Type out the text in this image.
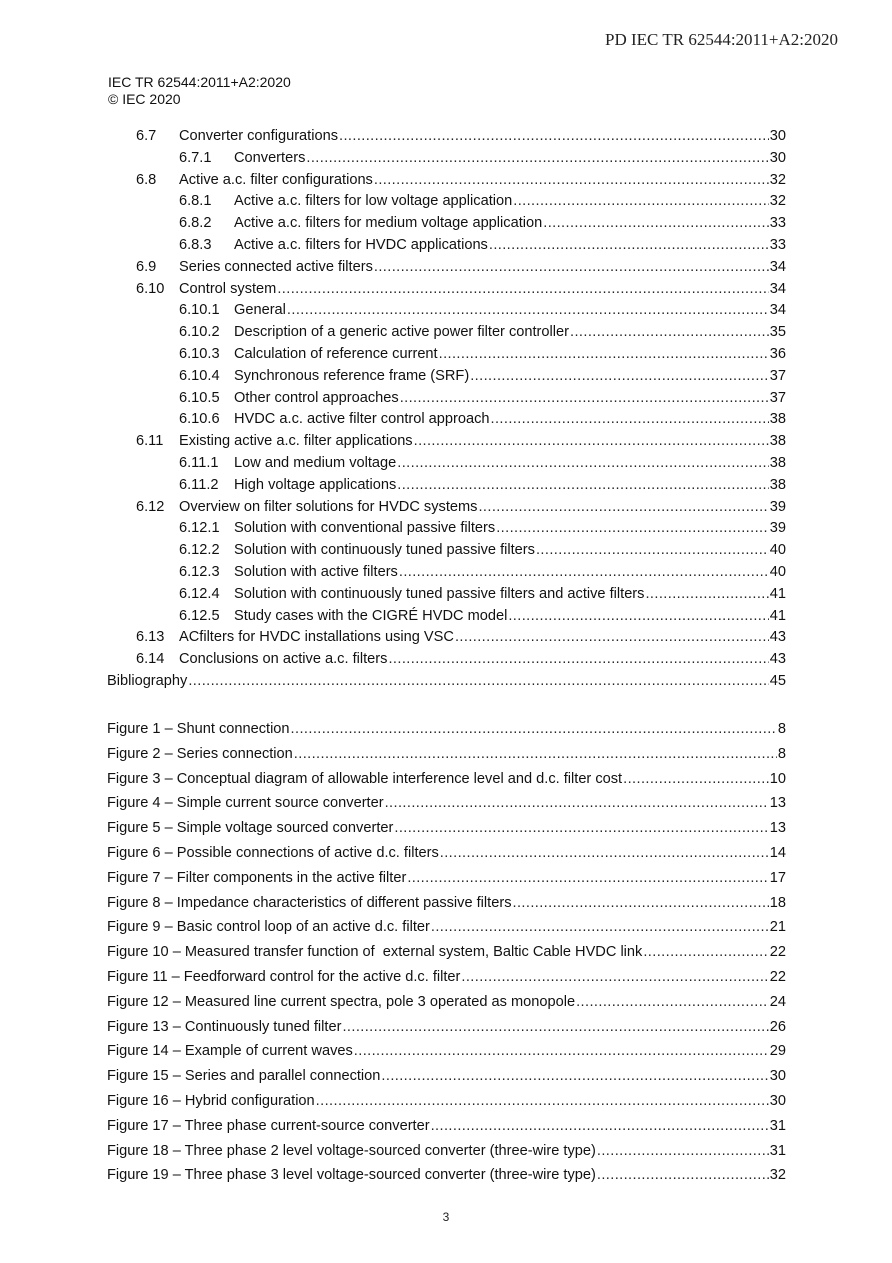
PD IEC TR 62544:2011+A2:2020
IEC TR 62544:2011+A2:2020
© IEC 2020
6.7	Converter configurations .....	30
6.7.1	Converters .....	30
6.8	Active a.c. filter configurations .....	32
6.8.1	Active a.c. filters for low voltage application .....	32
6.8.2	Active a.c. filters for medium voltage application .....	33
6.8.3	Active a.c. filters for HVDC applications .....	33
6.9	Series connected active filters .....	34
6.10 Control system .....	34
6.10.1 General .....	34
6.10.2 Description of a generic active power filter controller .....	35
6.10.3 Calculation of reference current .....	36
6.10.4 Synchronous reference frame (SRF) .....	37
6.10.5 Other control approaches .....	37
6.10.6 HVDC a.c. active filter control approach .....	38
6.11	Existing active a.c. filter applications .....	38
6.11.1	Low and medium voltage .....	38
6.11.2	High voltage applications .....	38
6.12 Overview on filter solutions for HVDC systems .....	39
6.12.1 Solution with conventional passive filters .....	39
6.12.2 Solution with continuously tuned passive filters .....	40
6.12.3 Solution with active filters .....	40
6.12.4 Solution with continuously tuned passive filters and active filters .....	41
6.12.5 Study cases with the CIGRÉ HVDC model .....	41
6.13 ACfilters for HVDC installations using VSC .....	43
6.14 Conclusions on active a.c. filters .....	43
Bibliography .....	45
Figure 1 – Shunt connection .....	8
Figure 2 – Series connection .....	8
Figure 3 – Conceptual diagram of allowable interference level and d.c. filter cost .....	10
Figure 4 – Simple current source converter .....	13
Figure 5 – Simple voltage sourced converter .....	13
Figure 6 – Possible connections of active d.c. filters .....	14
Figure 7 – Filter components in the active filter .....	17
Figure 8 – Impedance characteristics of different passive filters .....	18
Figure 9 – Basic control loop of an active d.c. filter .....	21
Figure 10 – Measured transfer function of  external system, Baltic Cable HVDC link .....	22
Figure 11 – Feedforward control for the active d.c. filter .....	22
Figure 12 – Measured line current spectra, pole 3 operated as monopole .....	24
Figure 13 – Continuously tuned filter .....	26
Figure 14 – Example of current waves .....	29
Figure 15 – Series and parallel connection .....	30
Figure 16 – Hybrid configuration .....	30
Figure 17 – Three phase current-source converter .....	31
Figure 18 – Three phase 2 level voltage-sourced converter (three-wire type) .....	31
Figure 19 – Three phase 3 level voltage-sourced converter (three-wire type) .....	32
3
